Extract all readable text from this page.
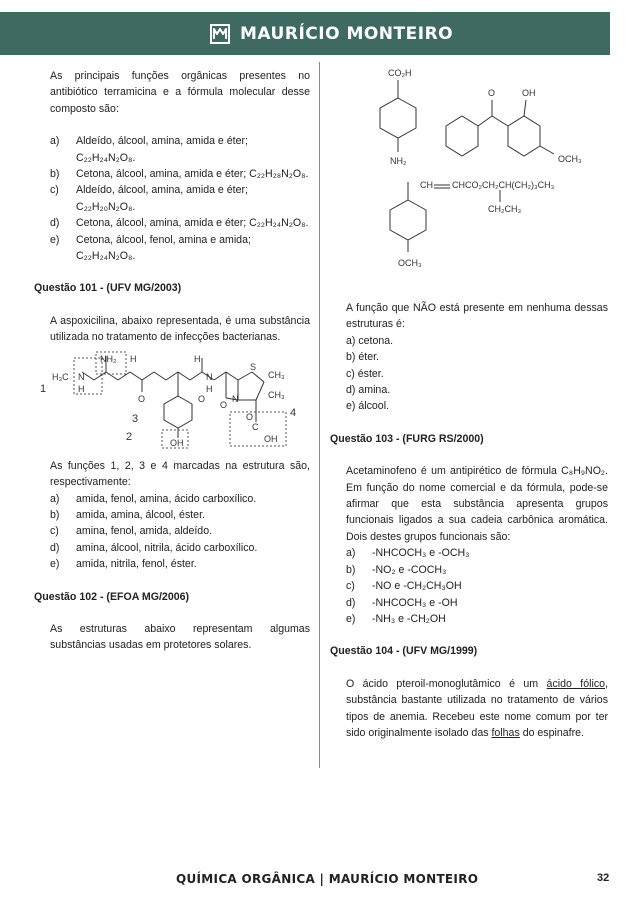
MAURÍCIO MONTEIRO

As principais funções orgânicas presentes no antibiótico terramicina e a fórmula molecular desse composto são:

a)	Aldeído, álcool, amina, amida e éter; C₂₂H₂₄N₂O₈.
b)	Cetona, álcool, amina, amida e éter; C₂₂H₂₈N₂O₈.
c)	Aldeído, álcool, amina, amida e éter; C₂₂H₂₀N₂O₈.
d)	Cetona, álcool, amina, amida e éter; C₂₂H₂₄N₂O₈.
e)	Cetona, álcool, fenol, amina e amida; C₂₂H₂₄N₂O₈.

Questão 101 - (UFV MG/2003)

A aspoxicilina, abaixo representada, é uma substância utilizada no tratamento de infecções bacterianas.

H₃C N
H
NH₂ H
N
H
N
H
S
CH₃
CH₃
C
OH	OH
O	O
O
O
1
2
3	4

As funções 1, 2, 3 e 4 marcadas na estrutura são, respectivamente:

a)	amida, fenol, amina, ácido carboxílico.
b)	amida, amina, álcool, éster.
c)	amina, fenol, amida, aldeído.
d)	amina, álcool, nitrila, ácido carboxílico.
e)	amida, nitrila, fenol, éster.

Questão 102 - (EFOA MG/2006)

As estruturas abaixo representam algumas substâncias usadas em protetores solares.

CO₂H
NH₂
O	OH
OCH₃
CH CHCO₂CH₂CH(CH₂)₃CH₃
CH₂CH₃
OCH₃

A função que NÃO está presente em nenhuma dessas estruturas é:

a) cetona.

b) éter.

c) éster.

d) amina.

e) álcool.

Questão 103 - (FURG RS/2000)

Acetaminofeno é um antipirético de fórmula C₈H₉NO₂. Em função do nome comercial e da fórmula, pode-se afirmar que esta substância apresenta grupos funcionais ligados a sua cadeia carbônica aromática. Dois destes grupos funcionais são:

a)	-NHCOCH₃ e -OCH₃
b)	-NO₂ e -COCH₃
c)	-NO e -CH₂CH₃OH
d)	-NHCOCH₃ e -OH
e)	-NH₃ e -CH₂OH

Questão 104 - (UFV MG/1999)

O ácido pteroil-monoglutâmico é um ácido fólico, substância bastante utilizada no tratamento de vários tipos de anemia. Recebeu este nome comum por ter sido originalmente isolado das folhas do espinafre.

QUÍMICA ORGÂNICA | MAURÍCIO MONTEIRO	32
